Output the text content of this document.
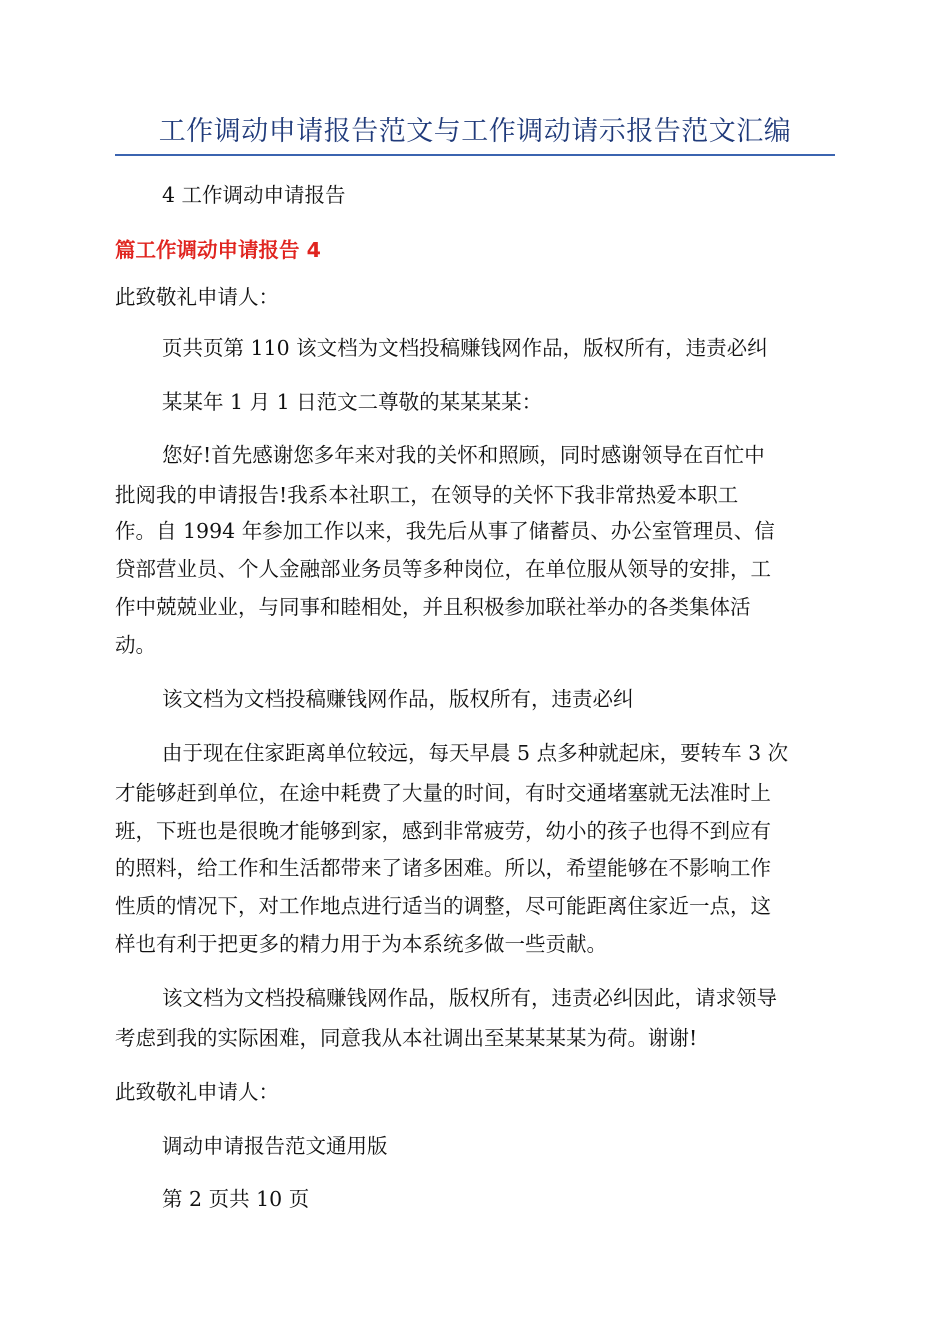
工作调动申请报告范文与工作调动请示报告范文汇编
4 工作调动申请报告
篇工作调动申请报告 4
此致敬礼申请人：
页共页第 110 该文档为文档投稿赚钱网作品，版权所有，违责必纠
某某年 1 月 1 日范文二尊敬的某某某某：
您好!首先感谢您多年来对我的关怀和照顾，同时感谢领导在百忙中
批阅我的申请报告!我系本社职工，在领导的关怀下我非常热爱本职工
作。自 1994 年参加工作以来，我先后从事了储蓄员、办公室管理员、信
贷部营业员、个人金融部业务员等多种岗位，在单位服从领导的安排，工
作中兢兢业业，与同事和睦相处，并且积极参加联社举办的各类集体活
动。
该文档为文档投稿赚钱网作品，版权所有，违责必纠
由于现在住家距离单位较远，每天早晨 5 点多种就起床，要转车 3 次
才能够赶到单位，在途中耗费了大量的时间，有时交通堵塞就无法准时上
班，下班也是很晚才能够到家，感到非常疲劳，幼小的孩子也得不到应有
的照料，给工作和生活都带来了诸多困难。所以，希望能够在不影响工作
性质的情况下，对工作地点进行适当的调整，尽可能距离住家近一点，这
样也有利于把更多的精力用于为本系统多做一些贡献。
该文档为文档投稿赚钱网作品，版权所有，违责必纠因此，请求领导
考虑到我的实际困难，同意我从本社调出至某某某某为荷。谢谢!
此致敬礼申请人：
调动申请报告范文通用版
第 2 页共 10 页
